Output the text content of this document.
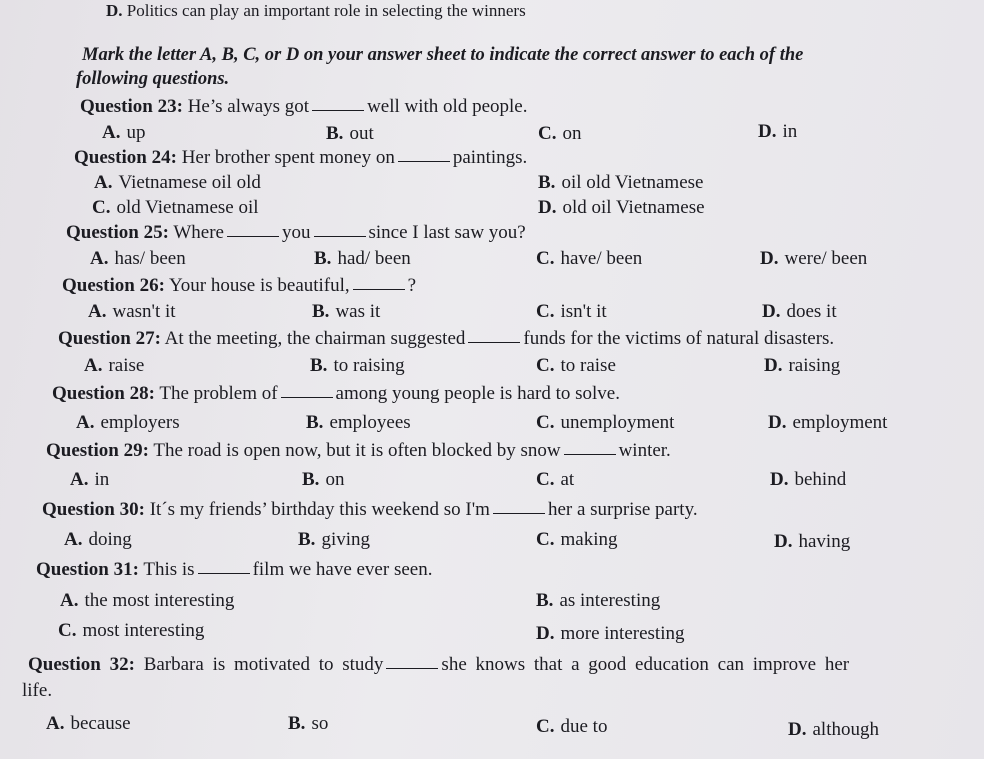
D. Politics can play an important role in selecting the winners
Mark the letter A, B, C, or D on your answer sheet to indicate the correct answer to each of the
following questions.
Question 23: He’s always got	well with old people.
A. up	B. out	C. on	D. in
Question 24: Her brother spent money on	paintings.
A. Vietnamese oil old	B. oil old Vietnamese
C. old Vietnamese oil	D. old oil Vietnamese
Question 25: Where	you	since I last saw you?
A. has/ been	B. had/ been	C. have/ been	D. were/ been
Question 26: Your house is beautiful,	?
A. wasn't it	B. was it	C. isn't it	D. does it
Question 27: At the meeting, the chairman suggested	funds for the victims of natural disasters.
A. raise	B. to raising	C. to raise	D. raising
Question 28: The problem of	among young people is hard to solve.
A. employers	B. employees	C. unemployment	D. employment
Question 29: The road is open now, but it is often blocked by snow	winter.
A. in	B. on	C. at	D. behind
Question 30: It´s my friends’ birthday this weekend so I'm	her a surprise party.
A. doing	B. giving	C. making	D. having
Question 31: This is	film we have ever seen.
A. the most interesting	B. as interesting
C. most interesting	D. more interesting
Question 32: Barbara is motivated to study	she knows that a good education can improve her
life.
A. because	B. so	C. due to	D. although
